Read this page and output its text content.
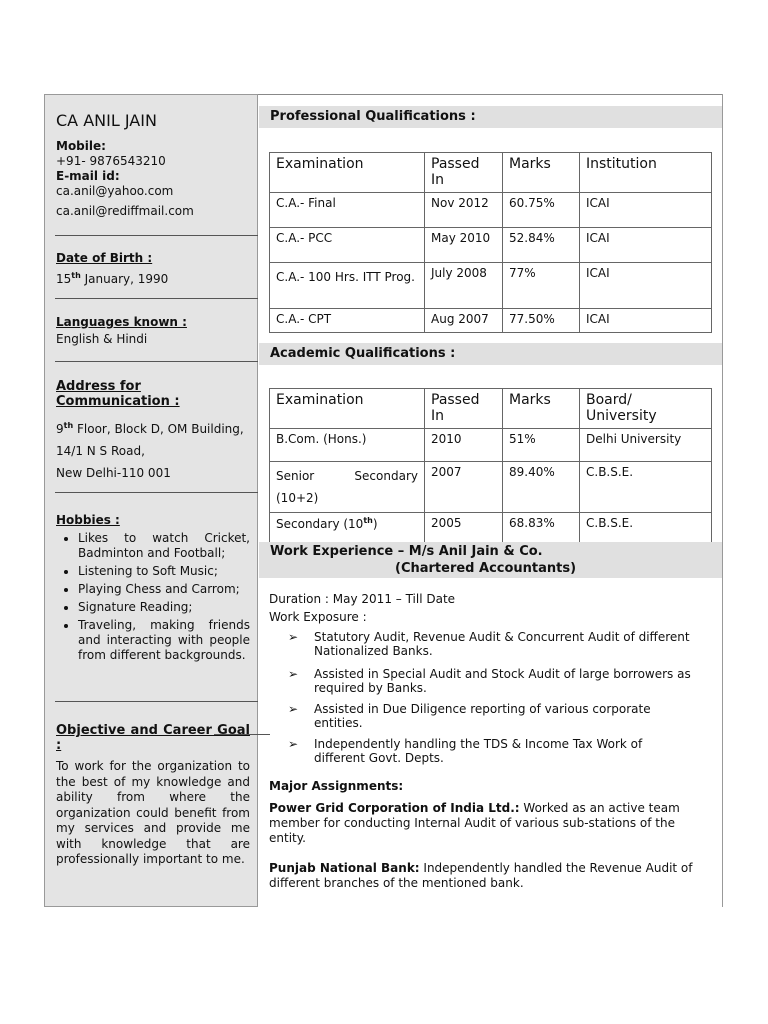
CA ANIL JAIN
Mobile:
+91- 9876543210
E-mail id:
ca.anil@yahoo.com
ca.anil@rediffmail.com
Date of Birth :
15th January, 1990
Languages known :
English & Hindi
Address for Communication :
9th Floor, Block D, OM Building,
14/1 N S Road,
New Delhi-110 001
Hobbies :
• Likes to watch Cricket, Badminton and Football;
• Listening to Soft Music;
• Playing Chess and Carrom;
• Signature Reading;
• Traveling, making friends and interacting with people from different backgrounds.
Objective and Career Goal :
To work for the organization to the best of my knowledge and ability from where the organization could benefit from my services and provide me with knowledge that are professionally important to me.
Professional Qualifications :
Examination	Passed In	Marks	Institution
C.A.- Final	Nov 2012	60.75%	ICAI
C.A.- PCC	May 2010	52.84%	ICAI
C.A.- 100 Hrs. ITT Prog.	July 2008	77%	ICAI
C.A.- CPT	Aug 2007	77.50%	ICAI
Academic Qualifications :
Examination	Passed In	Marks	Board/ University
B.Com. (Hons.)	2010	51%	Delhi University
Senior Secondary (10+2)	2007	89.40%	C.B.S.E.
Secondary (10th)	2005	68.83%	C.B.S.E.
Work Experience – M/s Anil Jain & Co.
(Chartered Accountants)
Duration : May 2011 – Till Date
Work Exposure :
➢ Statutory Audit, Revenue Audit & Concurrent Audit of different Nationalized Banks.
➢ Assisted in Special Audit and Stock Audit of large borrowers as required by Banks.
➢ Assisted in Due Diligence reporting of various corporate entities.
➢ Independently handling the TDS & Income Tax Work of different Govt. Depts.
Major Assignments:
Power Grid Corporation of India Ltd.: Worked as an active team member for conducting Internal Audit of various sub-stations of the entity.
Punjab National Bank: Independently handled the Revenue Audit of different branches of the mentioned bank.
